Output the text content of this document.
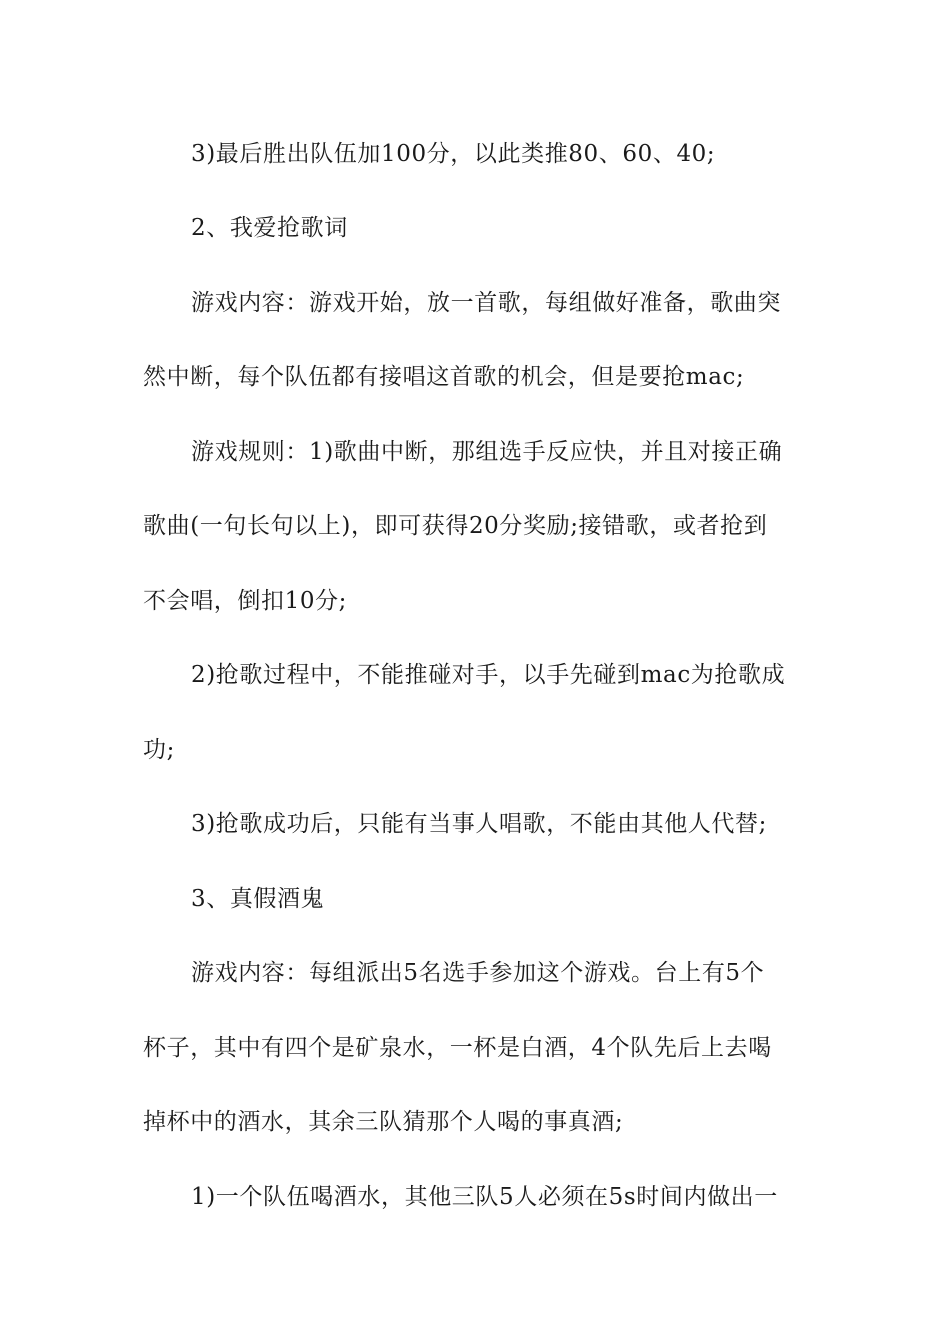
3)最后胜出队伍加100分，以此类推80、60、40;
2、我爱抢歌词
游戏内容：游戏开始，放一首歌，每组做好准备，歌曲突
然中断，每个队伍都有接唱这首歌的机会，但是要抢mac;
游戏规则：1)歌曲中断，那组选手反应快，并且对接正确
歌曲(一句长句以上)，即可获得20分奖励;接错歌，或者抢到
不会唱，倒扣10分;
2)抢歌过程中，不能推碰对手，以手先碰到mac为抢歌成
功;
3)抢歌成功后，只能有当事人唱歌，不能由其他人代替;
3、真假酒鬼
游戏内容：每组派出5名选手参加这个游戏。台上有5个
杯子，其中有四个是矿泉水，一杯是白酒，4个队先后上去喝
掉杯中的酒水，其余三队猜那个人喝的事真酒;
1)一个队伍喝酒水，其他三队5人必须在5s时间内做出一
